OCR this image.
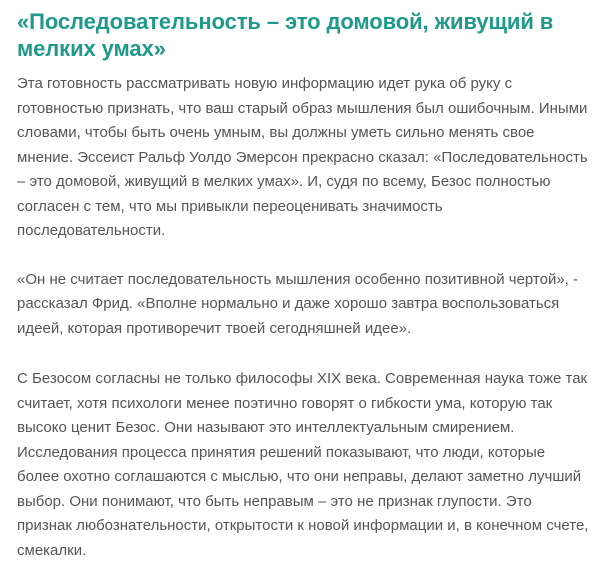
«Последовательность – это домовой, живущий в мелких умах»

Эта готовность рассматривать новую информацию идет рука об руку с готовностью признать, что ваш старый образ мышления был ошибочным. Иными словами, чтобы быть очень умным, вы должны уметь сильно менять свое мнение. Эссеист Ральф Уолдо Эмерсон прекрасно сказал: «Последовательность – это домовой, живущий в мелких умах». И, судя по всему, Безос полностью согласен с тем, что мы привыкли переоценивать значимость последовательности.

«Он не считает последовательность мышления особенно позитивной чертой», - рассказал Фрид. «Вполне нормально и даже хорошо завтра воспользоваться идеей, которая противоречит твоей сегодняшней идее».

С Безосом согласны не только философы XIX века. Современная наука тоже так считает, хотя психологи менее поэтично говорят о гибкости ума, которую так высоко ценит Безос. Они называют это интеллектуальным смирением. Исследования процесса принятия решений показывают, что люди, которые более охотно соглашаются с мыслью, что они неправы, делают заметно лучший выбор. Они понимают, что быть неправым – это не признак глупости. Это признак любознательности, открытости к новой информации и, в конечном счете, смекалки.
